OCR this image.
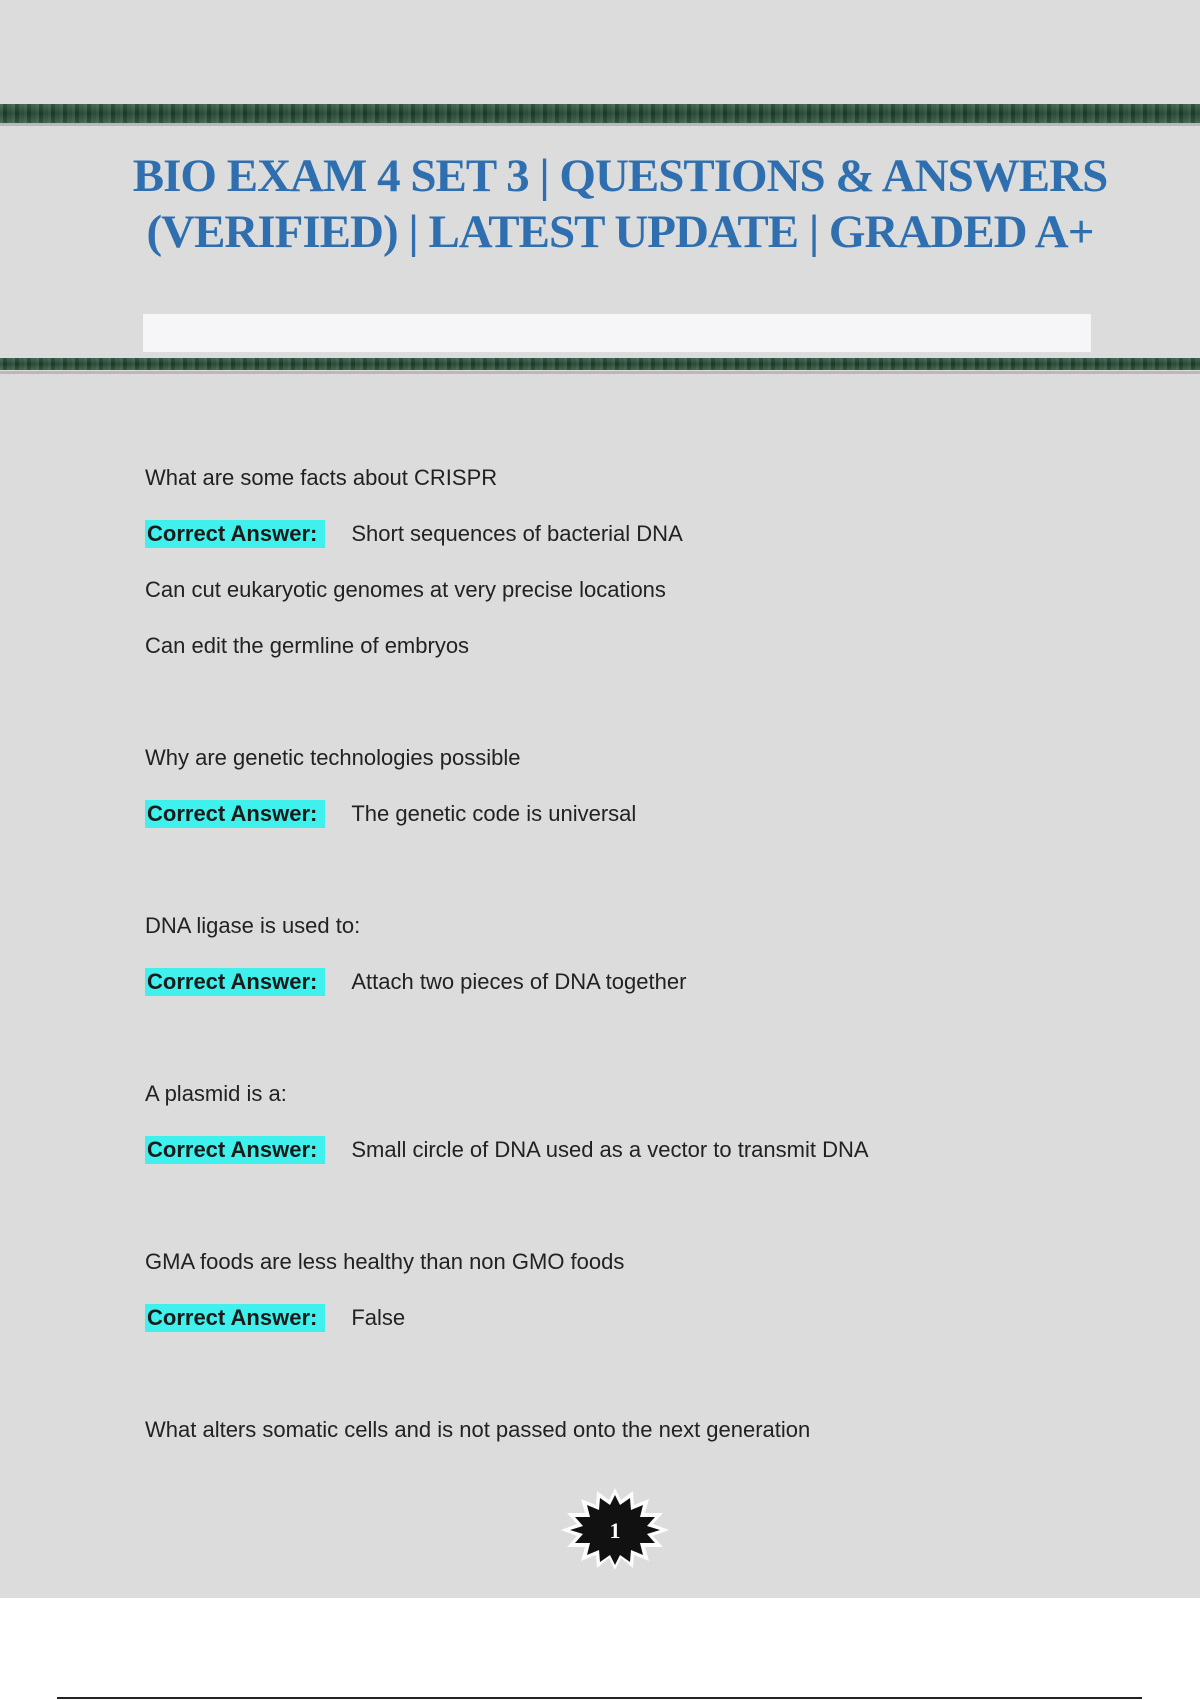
BIO EXAM 4 SET 3 | QUESTIONS & ANSWERS (VERIFIED) | LATEST UPDATE | GRADED A+
What are some facts about CRISPR
Correct Answer: Short sequences of bacterial DNA
Can cut eukaryotic genomes at very precise locations
Can edit the germline of embryos
Why are genetic technologies possible
Correct Answer: The genetic code is universal
DNA ligase is used to:
Correct Answer: Attach two pieces of DNA together
A plasmid is a:
Correct Answer: Small circle of DNA used as a vector to transmit DNA
GMA foods are less healthy than non GMO foods
Correct Answer: False
What alters somatic cells and is not passed onto the next generation
1
